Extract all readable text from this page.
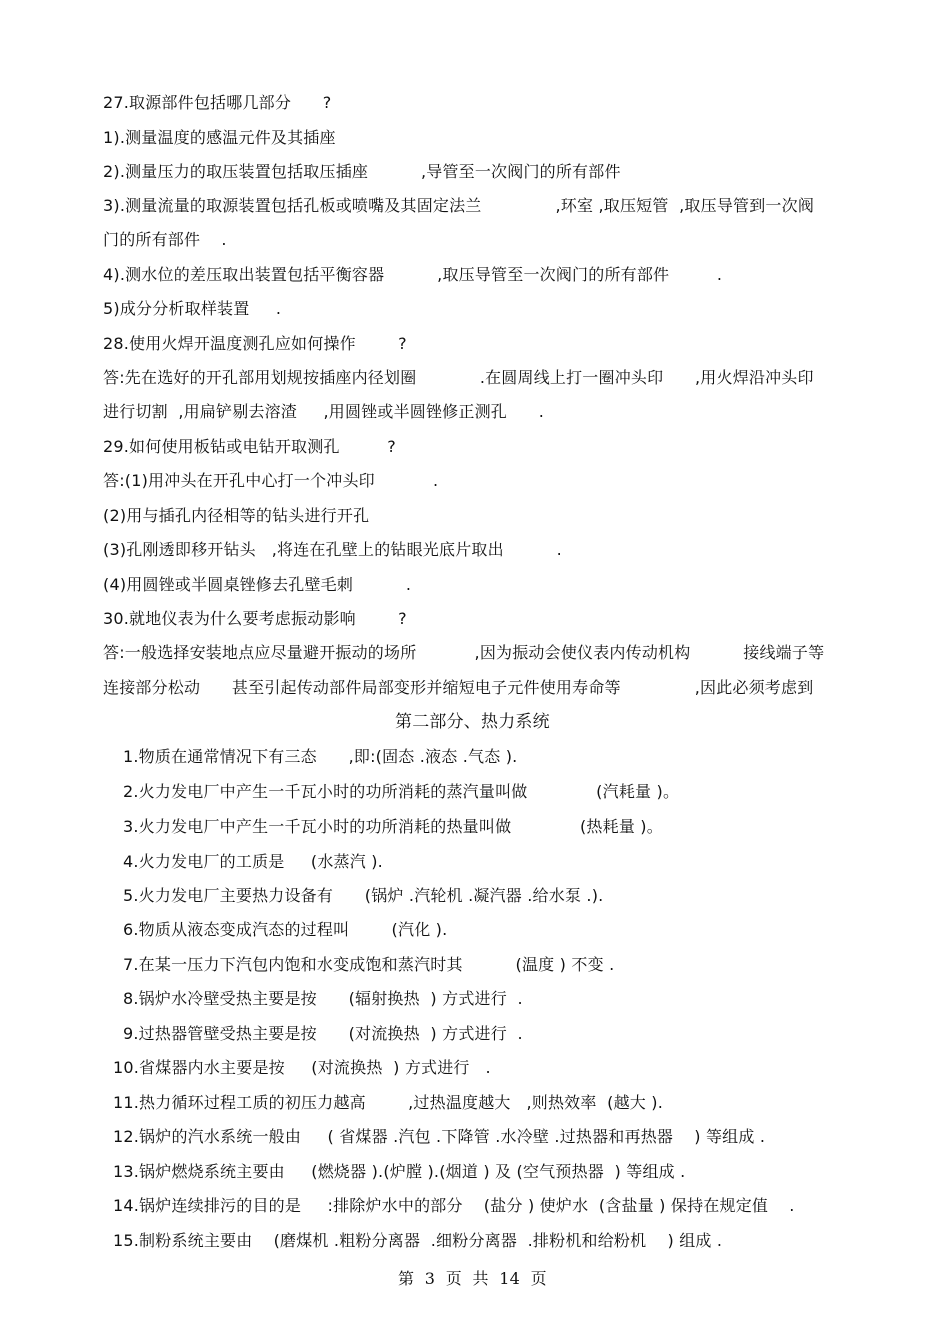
27.取源部件包括哪几部分      ?
1).测量温度的感温元件及其插座
2).测量压力的取压装置包括取压插座          ,导管至一次阀门的所有部件
3).测量流量的取源装置包括孔板或喷嘴及其固定法兰              ,环室 ,取压短管  ,取压导管到一次阀
门的所有部件    .
4).测水位的差压取出装置包括平衡容器          ,取压导管至一次阀门的所有部件         .
5)成分分析取样装置     .
28.使用火焊开温度测孔应如何操作        ?
答:先在选好的开孔部用划规按插座内径划圈            .在圆周线上打一圈冲头印      ,用火焊沿冲头印
进行切割  ,用扁铲剔去溶渣     ,用圆锉或半圆锉修正测孔      .
29.如何使用板钻或电钻开取测孔         ?
答:(1)用冲头在开孔中心打一个冲头印           .
(2)用与插孔内径相等的钻头进行开孔
(3)孔刚透即移开钻头   ,将连在孔壁上的钻眼光底片取出          .
(4)用圆锉或半圆桌锉修去孔壁毛刺          .
30.就地仪表为什么要考虑振动影响        ?
答:一般选择安装地点应尽量避开振动的场所           ,因为振动会使仪表内传动机构          接线端子等
连接部分松动      甚至引起传动部件局部变形并缩短电子元件使用寿命等              ,因此必须考虑到
第二部分、热力系统
1.物质在通常情况下有三态      ,即:(固态 .液态 .气态 ).
2.火力发电厂中产生一千瓦小时的功所消耗的蒸汽量叫做             (汽耗量 )。
3.火力发电厂中产生一千瓦小时的功所消耗的热量叫做             (热耗量 )。
4.火力发电厂的工质是     (水蒸汽 ).
5.火力发电厂主要热力设备有      (锅炉 .汽轮机 .凝汽器 .给水泵 .).
6.物质从液态变成汽态的过程叫        (汽化 ).
7.在某一压力下汽包内饱和水变成饱和蒸汽时其          (温度 ) 不变 .
8.锅炉水冷壁受热主要是按      (辐射换热  ) 方式进行  .
9.过热器管壁受热主要是按      (对流换热  ) 方式进行  .
10.省煤器内水主要是按     (对流换热  ) 方式进行   .
11.热力循环过程工质的初压力越高        ,过热温度越大   ,则热效率  (越大 ).
12.锅炉的汽水系统一般由     ( 省煤器 .汽包 .下降管 .水冷壁 .过热器和再热器    ) 等组成 .
13.锅炉燃烧系统主要由     (燃烧器 ).(炉膛 ).(烟道 ) 及 (空气预热器  ) 等组成 .
14.锅炉连续排污的目的是     :排除炉水中的部分    (盐分 ) 使炉水  (含盐量 ) 保持在规定值    .
15.制粉系统主要由    (磨煤机 .粗粉分离器  .细粉分离器  .排粉机和给粉机    ) 组成 .
第  3  页  共  14  页
